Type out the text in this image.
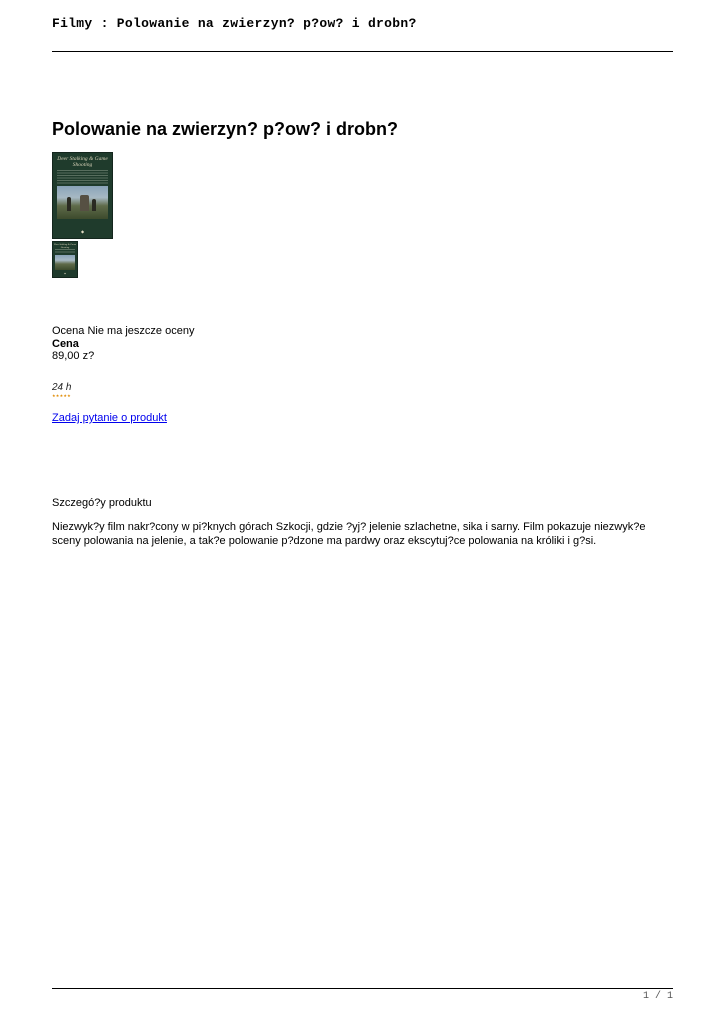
Filmy : Polowanie na zwierzyn? p?ow? i drobn?
Polowanie na zwierzyn? p?ow? i drobn?
Deer Stalking & Game Shooting
◆
Deer Stalking & Game Shooting
◆
Ocena Nie ma jeszcze oceny
Cena
89,00 z?
24 h
★★★★★
Zadaj pytanie o produkt
Szczegó?y produktu

Niezwyk?y film nakr?cony w pi?knych górach Szkocji, gdzie ?yj? jelenie szlachetne, sika i sarny. Film pokazuje niezwyk?e sceny polowania na jelenie, a tak?e polowanie p?dzone ma pardwy oraz ekscytuj?ce polowania na króliki i g?si.

1 / 1
